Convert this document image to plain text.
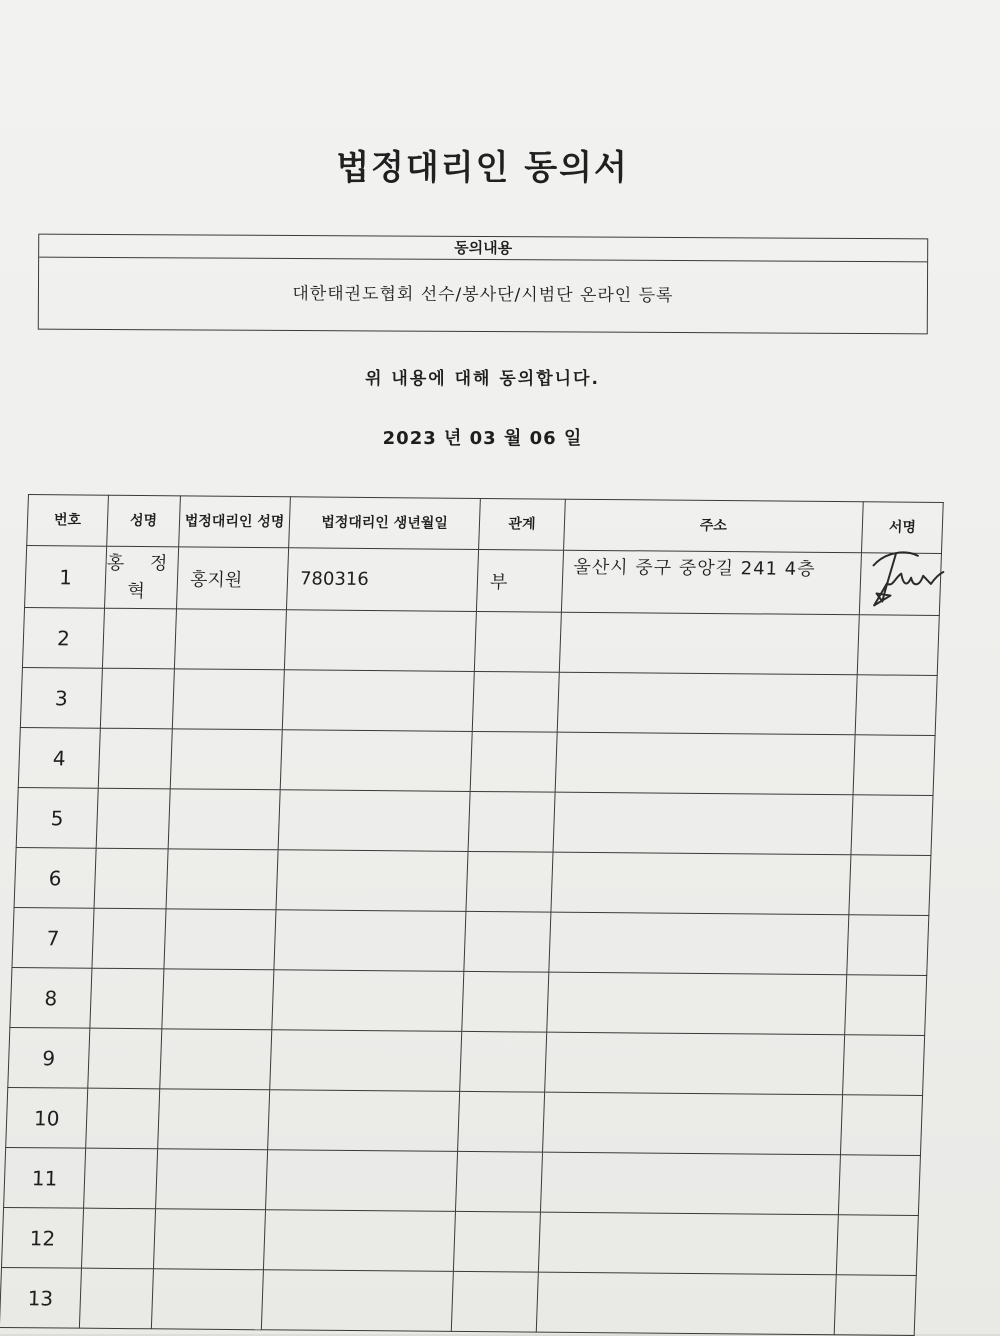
법정대리인 동의서
동의내용
대한태권도협회 선수/봉사단/시범단 온라인 등록
위 내용에 대해 동의합니다.
2023 년 03 월 06 일
번호	성명	법정대리인 성명	법정대리인 생년월일	관계	주소	서명
1	홍 정 혁	홍지원	780316	부	울산시 중구 중앙길 241 4층	

2						
3						
4						
5						
6						
7						
8						
9						
10						
11						
12						
13						
